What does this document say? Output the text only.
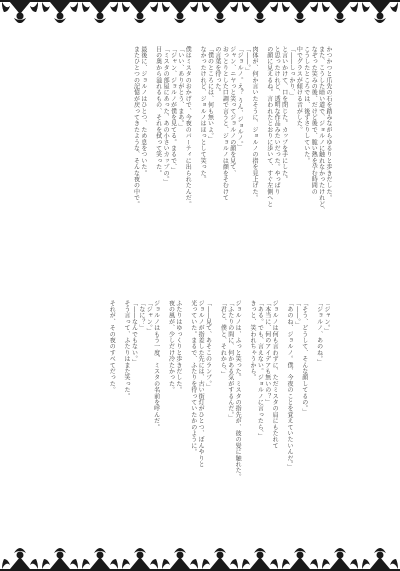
かつかつと爪先の石を踏みながらゆるりと歩きだした。
また、こうした暗い道で、ジョルノに触れなかったけれど、
なぞった笑みの後、だけど後で、脆い熱を孕む時間の
こうしたところでは、後ずさりしていた。
中でグラスが傾ける音がした。
「――しっかり、」
と言いかけて、口を閉じた。カップを手にした。
と思ったけれど、透明な作品みたいだった。やっぱり
の顔に見えるね。言われたとおりに歩いて、すぐ左側へと

肉体が、何か言いたそうに、ジョルノの指を見上げた。
「――。」
「ジョルノ。え？ うん、ジョルノ。」
ジャン、ニヤっと笑ってジョルノの顔を見て、
おっとりとした口調で言うと、ジョルノは顔をそむけて
の言葉を待った。
「僕のところには、何も無いよ。」
なかったけれど、ジョルノはほっとして笑った。

僕はミスタのおかげで、今夜のパーティに出られたんだ。
「いい、ありがとう、まあ。」
「ジャン、ジョルノが僕を見てる。まるで、」
「ミスタの部屋にあった、あの小さいカップの。」
目の奥から溢れるもの、それを拭って笑った。

最後に、ジョルノはひとつ、ため息をついた。
またひとつの記憶が戻ってきたような、そんな夜の中で。
「ジャン。」
「ジョルノ、あのね。」

「そう、どうして、そんな顔してるの。」
「――。」
「あのね、ジョルノ。僕、今夜のことを覚えていたいんだ。」

ジョルノは何も言わずに、ただミスタの肩にもたれて
「本当に、何のアイデアも無いの？」
「ある。でも、言えない。ジョルノに言ったら、」
きっと、笑われちゃうから。

ジョルノは、ふっと笑った。ミスタの指先が、彼の髪に触れた。
「ふたりの間に、何かある気がするんだ。」
「君と、僕と、それから、」

「――見て、あそこのランプ。」
ジョルノが指差した先には、古い街灯がひとつ、ぼんやりと
光っていた。まるで、ふたりを待っていたかのように。

ふたりはゆっくりと歩きだした。
夜の風が、少しだけ冷たかった。

ジョルノはもう一度、ミスタの名前を呼んだ。
「ジャン。」
「なに？」
「――なんでもない。」
そう言って、ふたりはまた笑った。

それが、その夜のすべてだった。
